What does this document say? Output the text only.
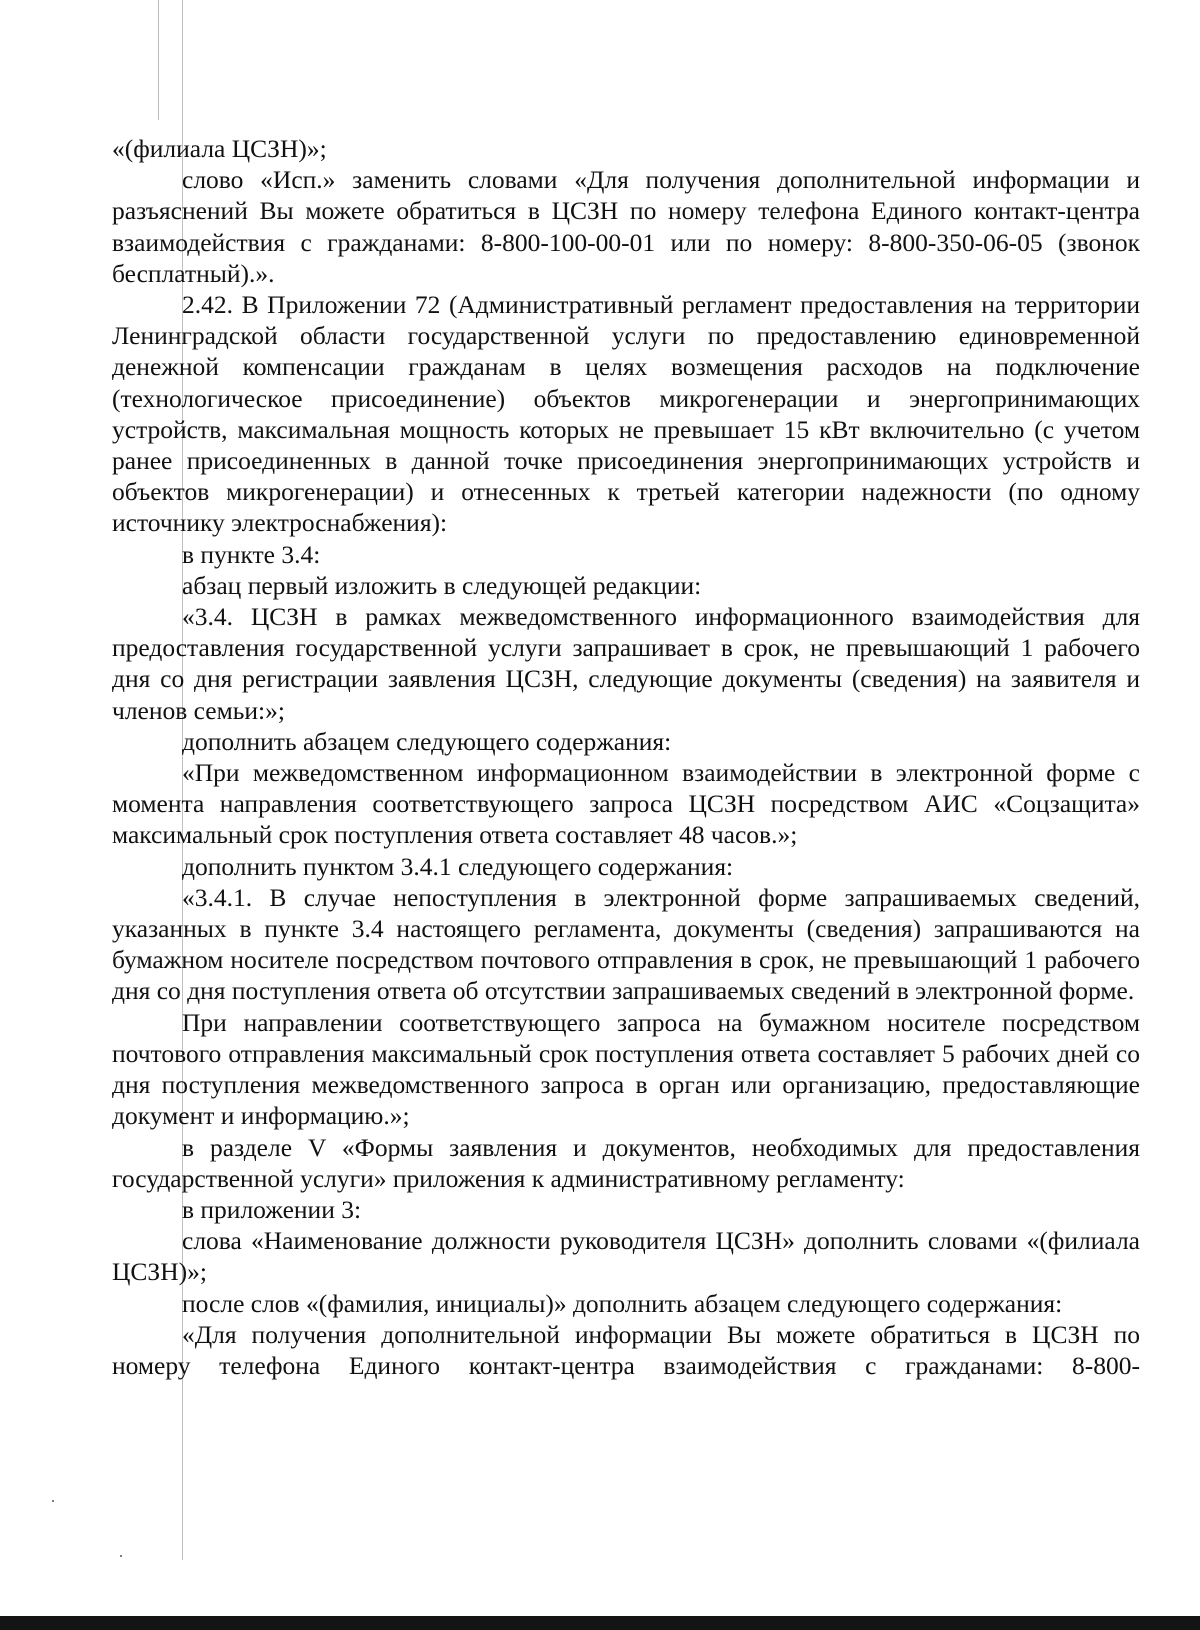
«(филиала ЦСЗН)»;

слово «Исп.» заменить словами «Для получения дополнительной информации и разъяснений Вы можете обратиться в ЦСЗН по номеру телефона Единого контакт-центра взаимодействия с гражданами: 8-800-100-00-01 или по номеру: 8-800-350-06-05 (звонок бесплатный).».

2.42. В Приложении 72 (Административный регламент предоставления на территории Ленинградской области государственной услуги по предоставлению единовременной денежной компенсации гражданам в целях возмещения расходов на подключение (технологическое присоединение) объектов микрогенерации и энергопринимающих устройств, максимальная мощность которых не превышает 15 кВт включительно (с учетом ранее присоединенных в данной точке присоединения энергопринимающих устройств и объектов микрогенерации) и отнесенных к третьей категории надежности (по одному источнику электроснабжения):

в пункте 3.4:

абзац первый изложить в следующей редакции:

«3.4. ЦСЗН в рамках межведомственного информационного взаимодействия для предоставления государственной услуги запрашивает в срок, не превышающий 1 рабочего дня со дня регистрации заявления ЦСЗН, следующие документы (сведения) на заявителя и членов семьи:»;

дополнить абзацем следующего содержания:

«При межведомственном информационном взаимодействии в электронной форме с момента направления соответствующего запроса ЦСЗН посредством АИС «Соцзащита» максимальный срок поступления ответа составляет 48 часов.»;

дополнить пунктом 3.4.1 следующего содержания:

«3.4.1. В случае непоступления в электронной форме запрашиваемых сведений, указанных в пункте 3.4 настоящего регламента, документы (сведения) запрашиваются на бумажном носителе посредством почтового отправления в срок, не превышающий 1 рабочего дня со дня поступления ответа об отсутствии запрашиваемых сведений в электронной форме.

При направлении соответствующего запроса на бумажном носителе посредством почтового отправления максимальный срок поступления ответа составляет 5 рабочих дней со дня поступления межведомственного запроса в орган или организацию, предоставляющие документ и информацию.»;

в разделе V «Формы заявления и документов, необходимых для предоставления государственной услуги» приложения к административному регламенту:

в приложении 3:

слова «Наименование должности руководителя ЦСЗН» дополнить словами «(филиала ЦСЗН)»;

после слов «(фамилия, инициалы)» дополнить абзацем следующего содержания:

«Для получения дополнительной информации Вы можете обратиться в ЦСЗН по номеру телефона Единого контакт-центра взаимодействия с гражданами: 8-800-
